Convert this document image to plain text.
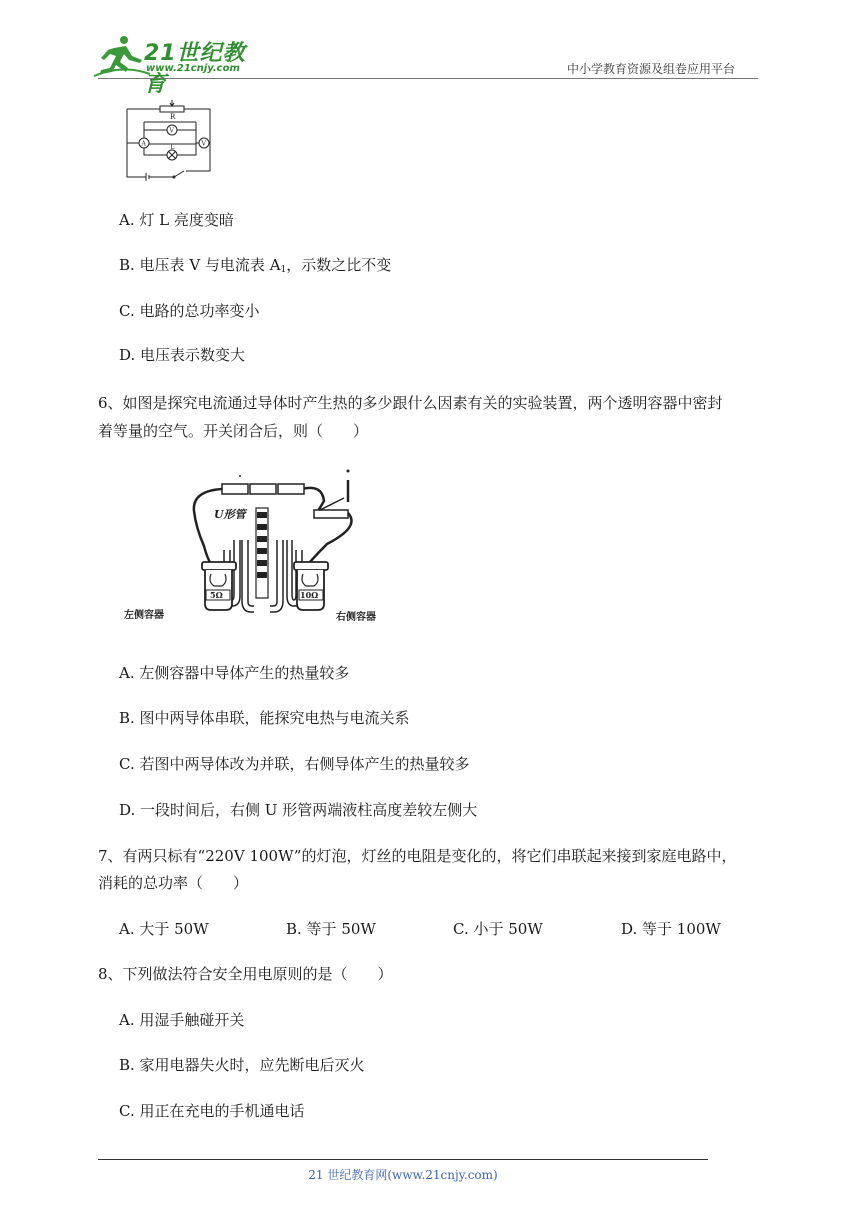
21世纪教育
www.21cnjy.com	中小学教育资源及组卷应用平台
R
V
L
A	V
A. 灯 L 亮度变暗
B. 电压表 V 与电流表 $A_1$，示数之比不变
C. 电路的总功率变小
D. 电压表示数变大
6、如图是探究电流通过导体时产生热的多少跟什么因素有关的实验装置，两个透明容器中密封
着等量的空气。开关闭合后，则（　　）
U形管
5Ω	10Ω
左侧容器	右侧容器
A. 左侧容器中导体产生的热量较多
B. 图中两导体串联，能探究电热与电流关系
C. 若图中两导体改为并联，右侧导体产生的热量较多
D. 一段时间后，右侧 U 形管两端液柱高度差较左侧大
7、有两只标有“220V 100W”的灯泡，灯丝的电阻是变化的，将它们串联起来接到家庭电路中，
消耗的总功率（　　）
A. 大于 50W	B. 等于 50W	C. 小于 50W	D. 等于 100W
8、下列做法符合安全用电原则的是（　　）
A. 用湿手触碰开关
B. 家用电器失火时，应先断电后灭火
C. 用正在充电的手机通电话
21 世纪教育网(www.21cnjy.com)
